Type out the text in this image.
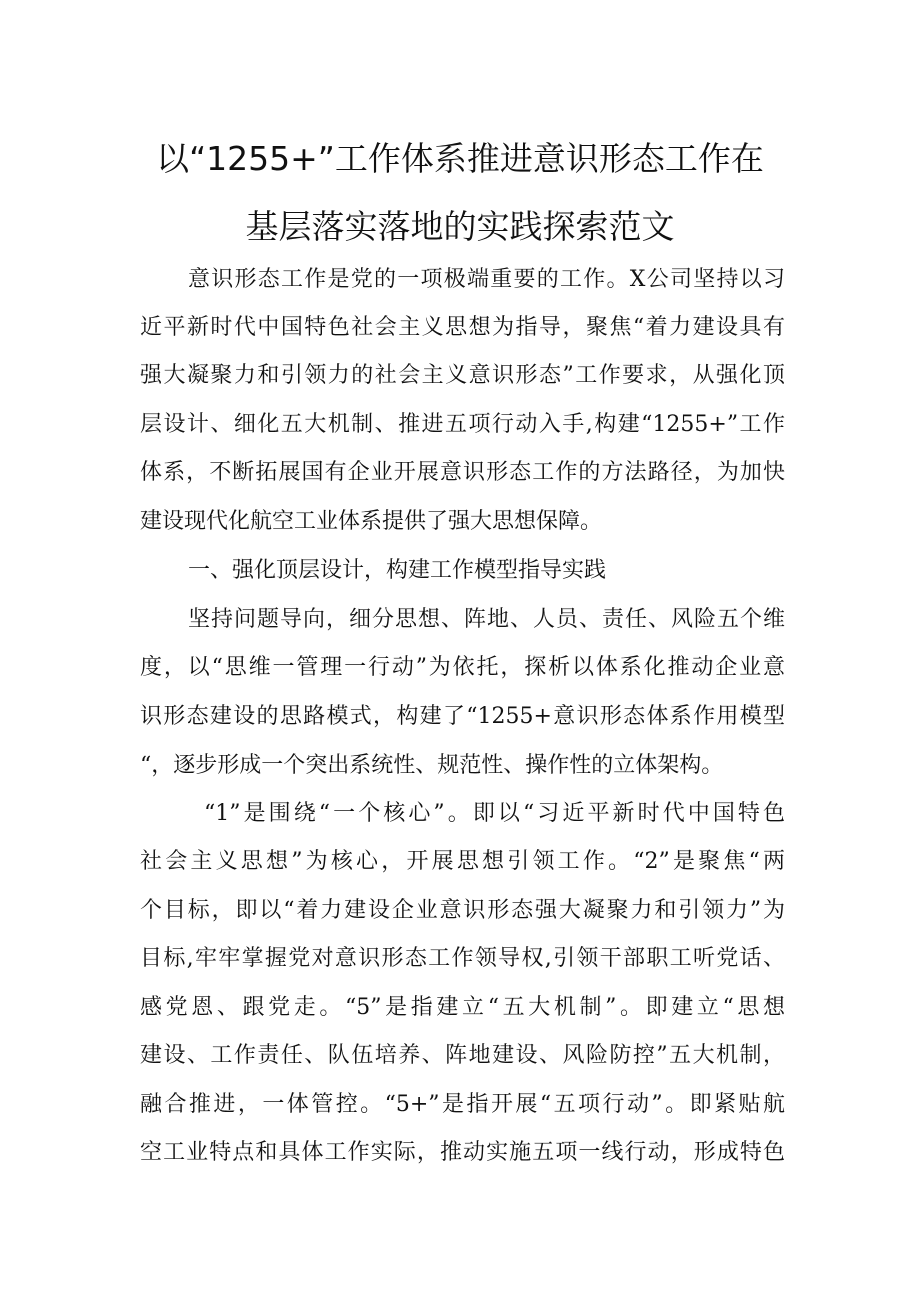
以“1255+”工作体系推进意识形态工作在
基层落实落地的实践探索范文
意识形态工作是党的一项极端重要的工作。X公司坚持以习
近平新时代中国特色社会主义思想为指导，聚焦“着力建设具有
强大凝聚力和引领力的社会主义意识形态”工作要求，从强化顶
层设计、细化五大机制、推进五项行动入手,构建“1255+”工作
体系，不断拓展国有企业开展意识形态工作的方法路径，为加快
建设现代化航空工业体系提供了强大思想保障。
一、强化顶层设计，构建工作模型指导实践
坚持问题导向，细分思想、阵地、人员、责任、风险五个维
度，以“思维一管理一行动”为依托，探析以体系化推动企业意
识形态建设的思路模式，构建了“1255+意识形态体系作用模型
“，逐步形成一个突出系统性、规范性、操作性的立体架构。
“1”是围绕“一个核心”。即以“习近平新时代中国特色
社会主义思想”为核心，开展思想引领工作。“2”是聚焦“两
个目标，即以“着力建设企业意识形态强大凝聚力和引领力”为
目标,牢牢掌握党对意识形态工作领导权,引领干部职工听党话、
感党恩、跟党走。“5”是指建立“五大机制”。即建立“思想
建设、工作责任、队伍培养、阵地建设、风险防控”五大机制，
融合推进，一体管控。“5+”是指开展“五项行动”。即紧贴航
空工业特点和具体工作实际，推动实施五项一线行动，形成特色
